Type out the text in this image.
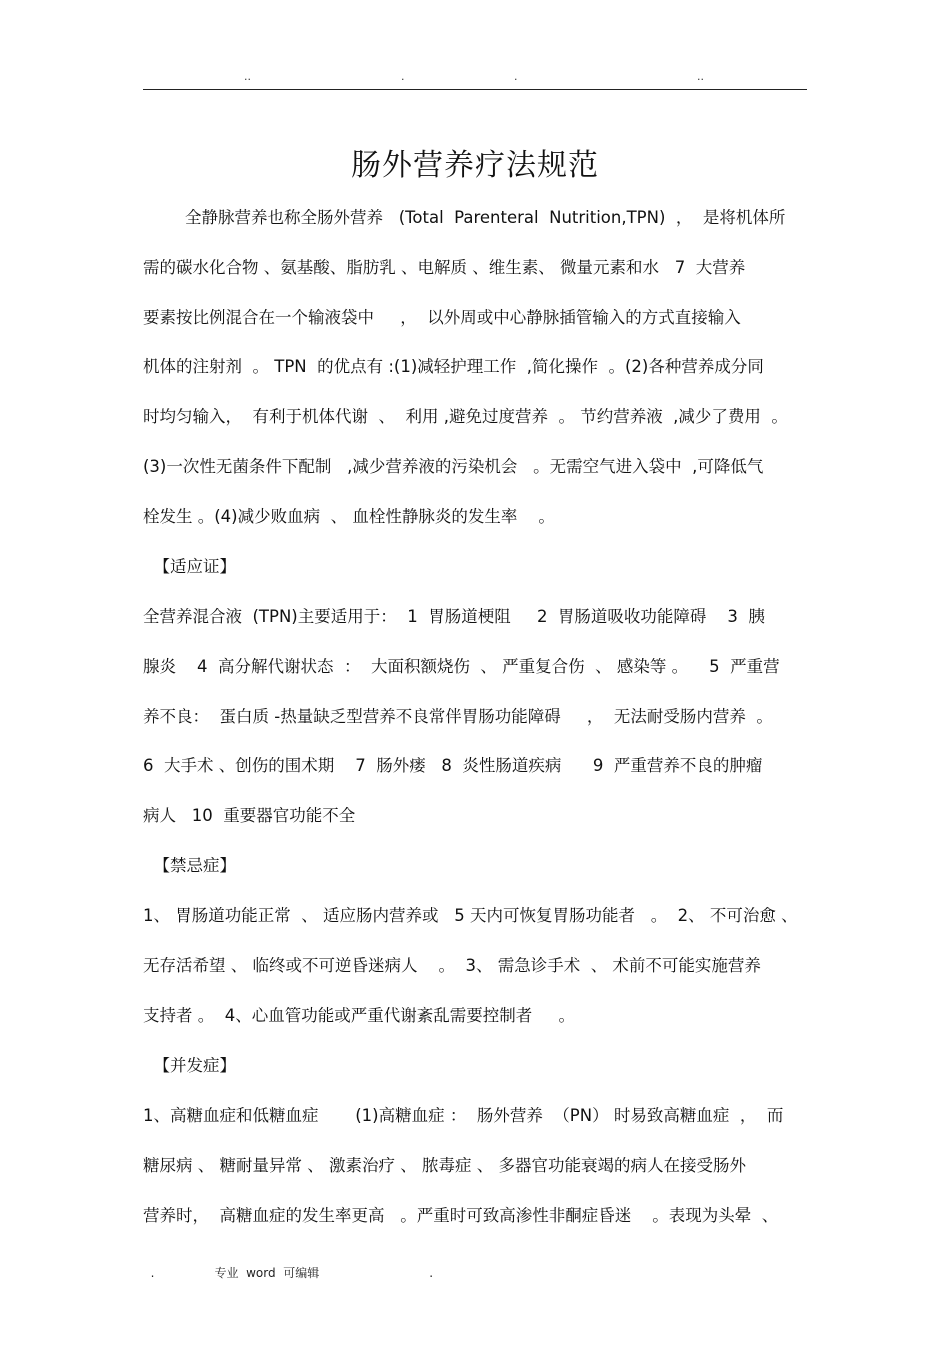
..	.	.	..
肠外营养疗法规范
全静脉营养也称全肠外营养   (Total  Parenteral  Nutrition,TPN)  ，  是将机体所
需的碳水化合物 、氨基酸、脂肪乳 、电解质 、维生素、 微量元素和水   7  大营养
要素按比例混合在一个输液袋中     ，  以外周或中心静脉插管输入的方式直接输入
机体的注射剂  。 TPN  的优点有 :(1)减轻护理工作  ,简化操作  。(2)各种营养成分同
时均匀输入，  有利于机体代谢  、  利用 ,避免过度营养  。 节约营养液  ,减少了费用  。
(3)一次性无菌条件下配制   ,减少营养液的污染机会   。无需空气进入袋中  ,可降低气
栓发生 。(4)减少败血病  、 血栓性静脉炎的发生率    。
【适应证】
全营养混合液  (TPN)主要适用于：  1  胃肠道梗阻     2  胃肠道吸收功能障碍    3  胰
腺炎    4  高分解代谢状态  ：  大面积额烧伤  、 严重复合伤  、 感染等 。    5  严重营
养不良：  蛋白质 -热量缺乏型营养不良常伴胃肠功能障碍     ，  无法耐受肠内营养  。
6  大手术 、创伤的围术期    7  肠外瘘   8  炎性肠道疾病      9  严重营养不良的肿瘤
病人   10  重要器官功能不全
【禁忌症】
1、 胃肠道功能正常  、 适应肠内营养或   5 天内可恢复胃肠功能者   。  2、 不可治愈 、
无存活希望 、 临终或不可逆昏迷病人    。  3、 需急诊手术  、 术前不可能实施营养
支持者 。  4、心血管功能或严重代谢紊乱需要控制者     。
【并发症】
1、高糖血症和低糖血症       (1)高糖血症 ：  肠外营养  （PN） 时易致高糖血症  ，  而
糖尿病 、 糖耐量异常 、 激素治疗 、 脓毒症 、 多器官功能衰竭的病人在接受肠外
营养时，  高糖血症的发生率更高   。严重时可致高渗性非酮症昏迷    。表现为头晕  、

.	专业  word  可编辑	.
